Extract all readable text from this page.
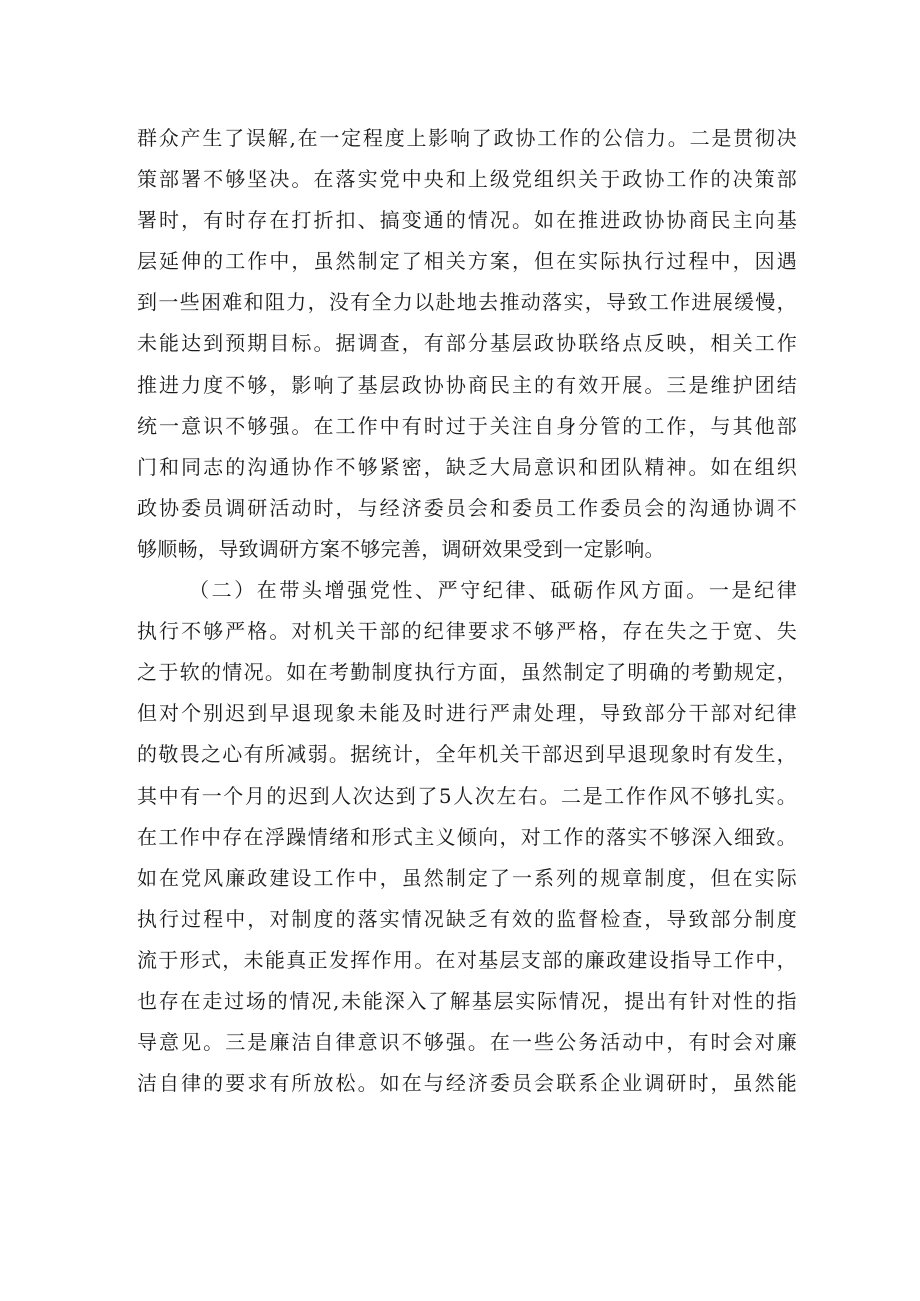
群众产生了误解,在一定程度上影响了政协工作的公信力。二是贯彻决
策部署不够坚决。在落实党中央和上级党组织关于政协工作的决策部
署时，有时存在打折扣、搞变通的情况。如在推进政协协商民主向基
层延伸的工作中，虽然制定了相关方案，但在实际执行过程中，因遇
到一些困难和阻力，没有全力以赴地去推动落实，导致工作进展缓慢，
未能达到预期目标。据调查，有部分基层政协联络点反映，相关工作
推进力度不够，影响了基层政协协商民主的有效开展。三是维护团结
统一意识不够强。在工作中有时过于关注自身分管的工作，与其他部
门和同志的沟通协作不够紧密，缺乏大局意识和团队精神。如在组织
政协委员调研活动时，与经济委员会和委员工作委员会的沟通协调不
够顺畅，导致调研方案不够完善，调研效果受到一定影响。
（二）在带头增强党性、严守纪律、砥砺作风方面。一是纪律
执行不够严格。对机关干部的纪律要求不够严格，存在失之于宽、失
之于软的情况。如在考勤制度执行方面，虽然制定了明确的考勤规定，
但对个别迟到早退现象未能及时进行严肃处理，导致部分干部对纪律
的敬畏之心有所减弱。据统计，全年机关干部迟到早退现象时有发生，
其中有一个月的迟到人次达到了5人次左右。二是工作作风不够扎实。
在工作中存在浮躁情绪和形式主义倾向，对工作的落实不够深入细致。
如在党风廉政建设工作中，虽然制定了一系列的规章制度，但在实际
执行过程中，对制度的落实情况缺乏有效的监督检查，导致部分制度
流于形式，未能真正发挥作用。在对基层支部的廉政建设指导工作中，
也存在走过场的情况,未能深入了解基层实际情况，提出有针对性的指
导意见。三是廉洁自律意识不够强。在一些公务活动中，有时会对廉
洁自律的要求有所放松。如在与经济委员会联系企业调研时，虽然能
